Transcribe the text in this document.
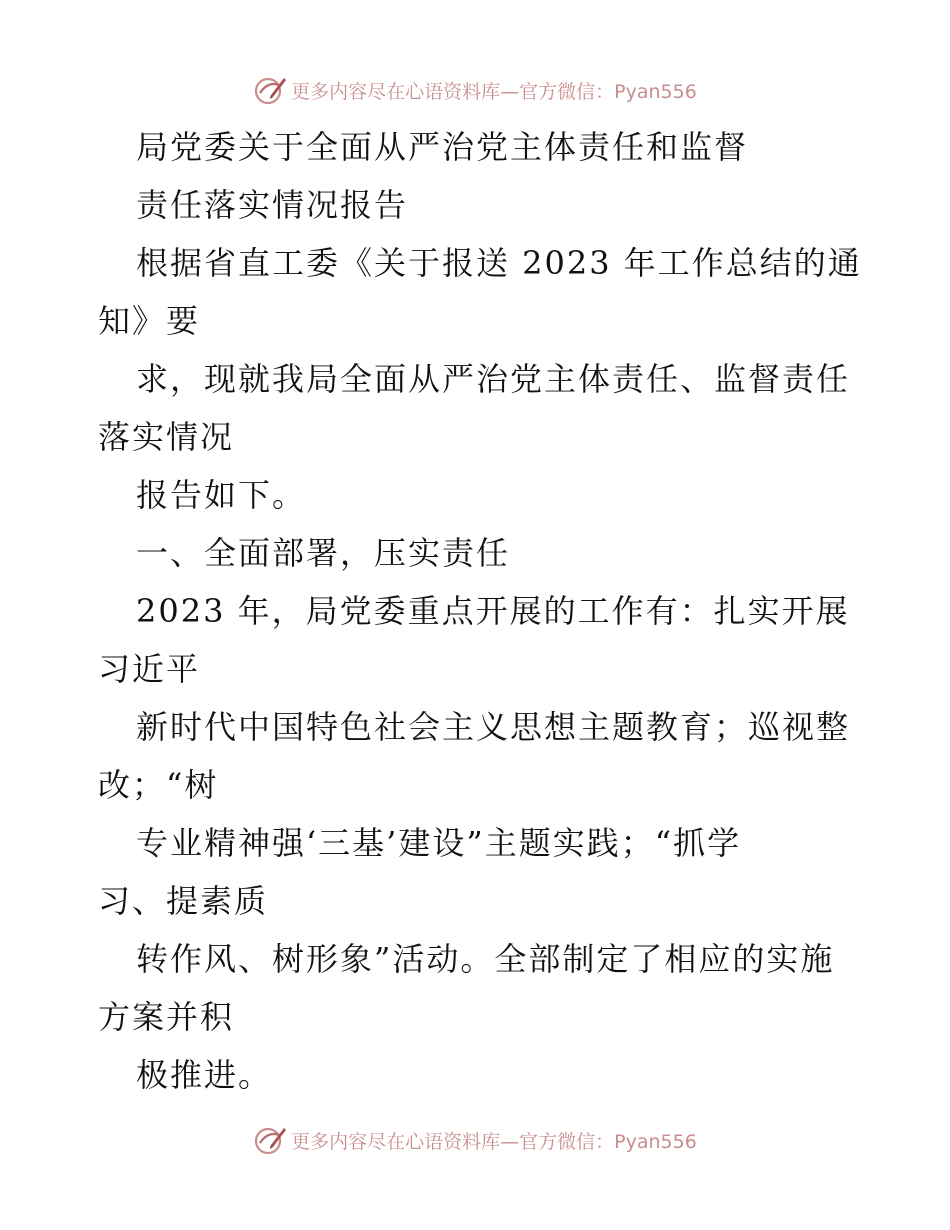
更多内容尽在心语资料库—官方微信：Pyan556
局党委关于全面从严治党主体责任和监督
责任落实情况报告
根据省直工委《关于报送 2023 年工作总结的通
知》要
求，现就我局全面从严治党主体责任、监督责任
落实情况
报告如下。
一、全面部署，压实责任
2023 年，局党委重点开展的工作有：扎实开展
习近平
新时代中国特色社会主义思想主题教育；巡视整
改；“树
专业精神强‘三基’建设”主题实践；“抓学
习、提素质
转作风、树形象”活动。全部制定了相应的实施
方案并积
极推进。
更多内容尽在心语资料库—官方微信：Pyan556
